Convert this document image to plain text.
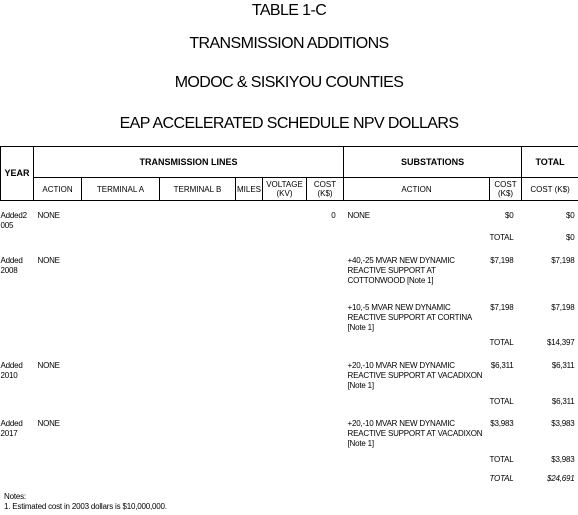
TABLE 1-C
TRANSMISSION ADDITIONS
MODOC & SISKIYOU COUNTIES
EAP ACCELERATED SCHEDULE NPV DOLLARS
YEAR	TRANSMISSION LINES						SUBSTATIONS		TOTAL
	ACTION	TERMINAL A	TERMINAL B	MILES	VOLTAGE (KV)	COST (K$)	ACTION	COST (K$)	COST (K$)

Added2 005	NONE					0	NONE	$0	$0
								TOTAL	$0
Added 2008	NONE						+40,-25 MVAR NEW DYNAMIC REACTIVE SUPPORT AT COTTONWOOD [Note 1]	$7,198	$7,198
							+10,-5 MVAR NEW DYNAMIC REACTIVE SUPPORT AT CORTINA [Note 1]	$7,198	$7,198
								TOTAL	$14,397
Added 2010	NONE						+20,-10 MVAR NEW DYNAMIC REACTIVE SUPPORT AT VACADIXON [Note 1]	$6,311	$6,311
								TOTAL	$6,311
Added 2017	NONE						+20,-10 MVAR NEW DYNAMIC REACTIVE SUPPORT AT VACADIXON [Note 1]	$3,983	$3,983
								TOTAL	$3,983
								TOTAL	$24,691
Notes:
1. Estimated cost in 2003 dollars is $10,000,000.
